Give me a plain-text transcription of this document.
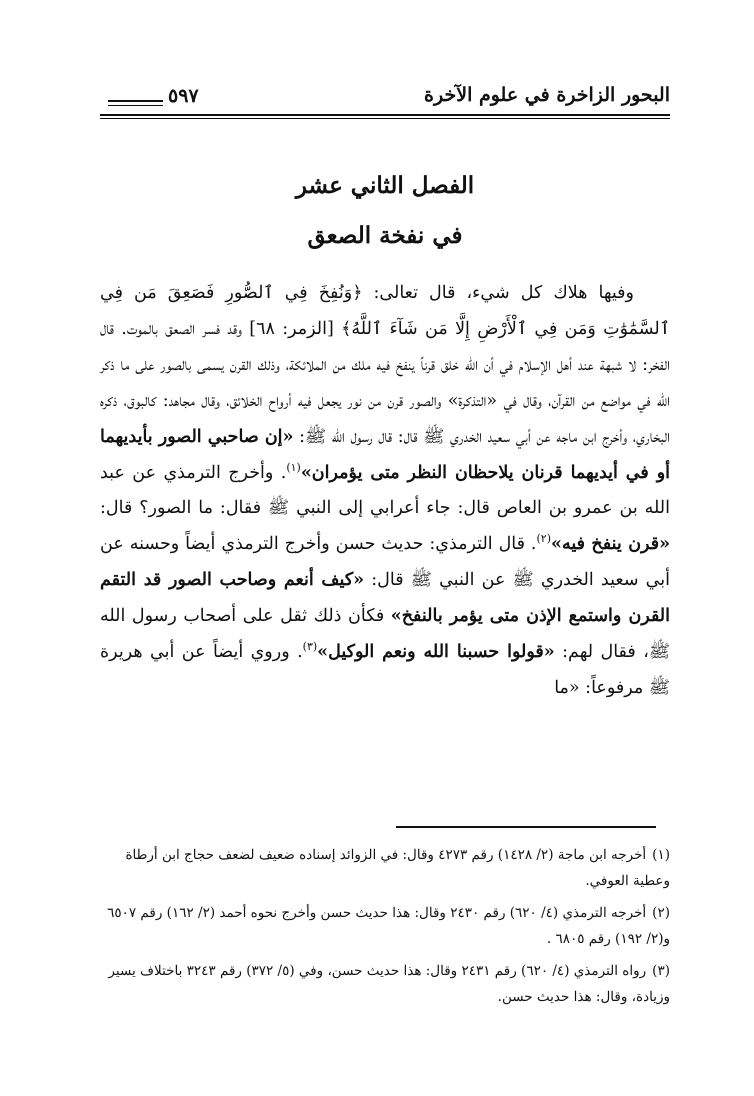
البحور الزاخرة في علوم الآخرة
٥٩٧
الفصل الثاني عشر
في نفخة الصعق

وفيها هلاك كل شيء، قال تعالى: ﴿وَنُفِخَ فِي ٱلصُّورِ فَصَعِقَ مَن فِي ٱلسَّمَٰوَٰتِ وَمَن فِي ٱلْأَرْضِ إِلَّا مَن شَآءَ ٱللَّهُ﴾ [الزمر: ٦٨] وقد فسر الصعق بالموت. قال الفخر: لا شبهة عند أهل الإسلام في أن الله خلق قرناً ينفخ فيه ملك من الملائكة، وذلك القرن يسمى بالصور على ما ذكر الله في مواضع من القرآن، وقال في «التذكرة» والصور قرن من نور يجعل فيه أرواح الخلائق، وقال مجاهد: كالبوق، ذكره البخاري، وأخرج ابن ماجه عن أبي سعيد الخدري ﷺ قال: قال رسول الله ﷺ: «إن صاحبي الصور بأيديهما أو في أيديهما قرنان يلاحظان النظر متى يؤمران»$^{(١)}$. وأخرج الترمذي عن عبد الله بن عمرو بن العاص قال: جاء أعرابي إلى النبي ﷺ فقال: ما الصور؟ قال: «قرن ينفخ فيه»$^{(٢)}$. قال الترمذي: حديث حسن وأخرج الترمذي أيضاً وحسنه عن أبي سعيد الخدري ﷺ عن النبي ﷺ قال: «كيف أنعم وصاحب الصور قد التقم القرن واستمع الإذن متى يؤمر بالنفخ» فكأن ذلك ثقل على أصحاب رسول الله ﷺ، فقال لهم: «قولوا حسبنا الله ونعم الوكيل»$^{(٣)}$. وروي أيضاً عن أبي هريرة ﷺ مرفوعاً: «ما

(١)أخرجه ابن ماجة (٢/ ١٤٢٨) رقم ٤٢٧٣ وقال: في الزوائد إسناده ضعيف لضعف حجاج ابن أرطاة وعطية العوفي.

(٢)أخرجه الترمذي (٤/ ٦٢٠) رقم ٢٤٣٠ وقال: هذا حديث حسن وأخرج نحوه أحمد (٢/ ١٦٢) رقم ٦٥٠٧ و(٢/ ١٩٢) رقم ٦٨٠٥ .

(٣)رواه الترمذي (٤/ ٦٢٠) رقم ٢٤٣١ وقال: هذا حديث حسن، وفي (٥/ ٣٧٢) رقم ٣٢٤٣ باختلاف يسير وزيادة، وقال: هذا حديث حسن.
